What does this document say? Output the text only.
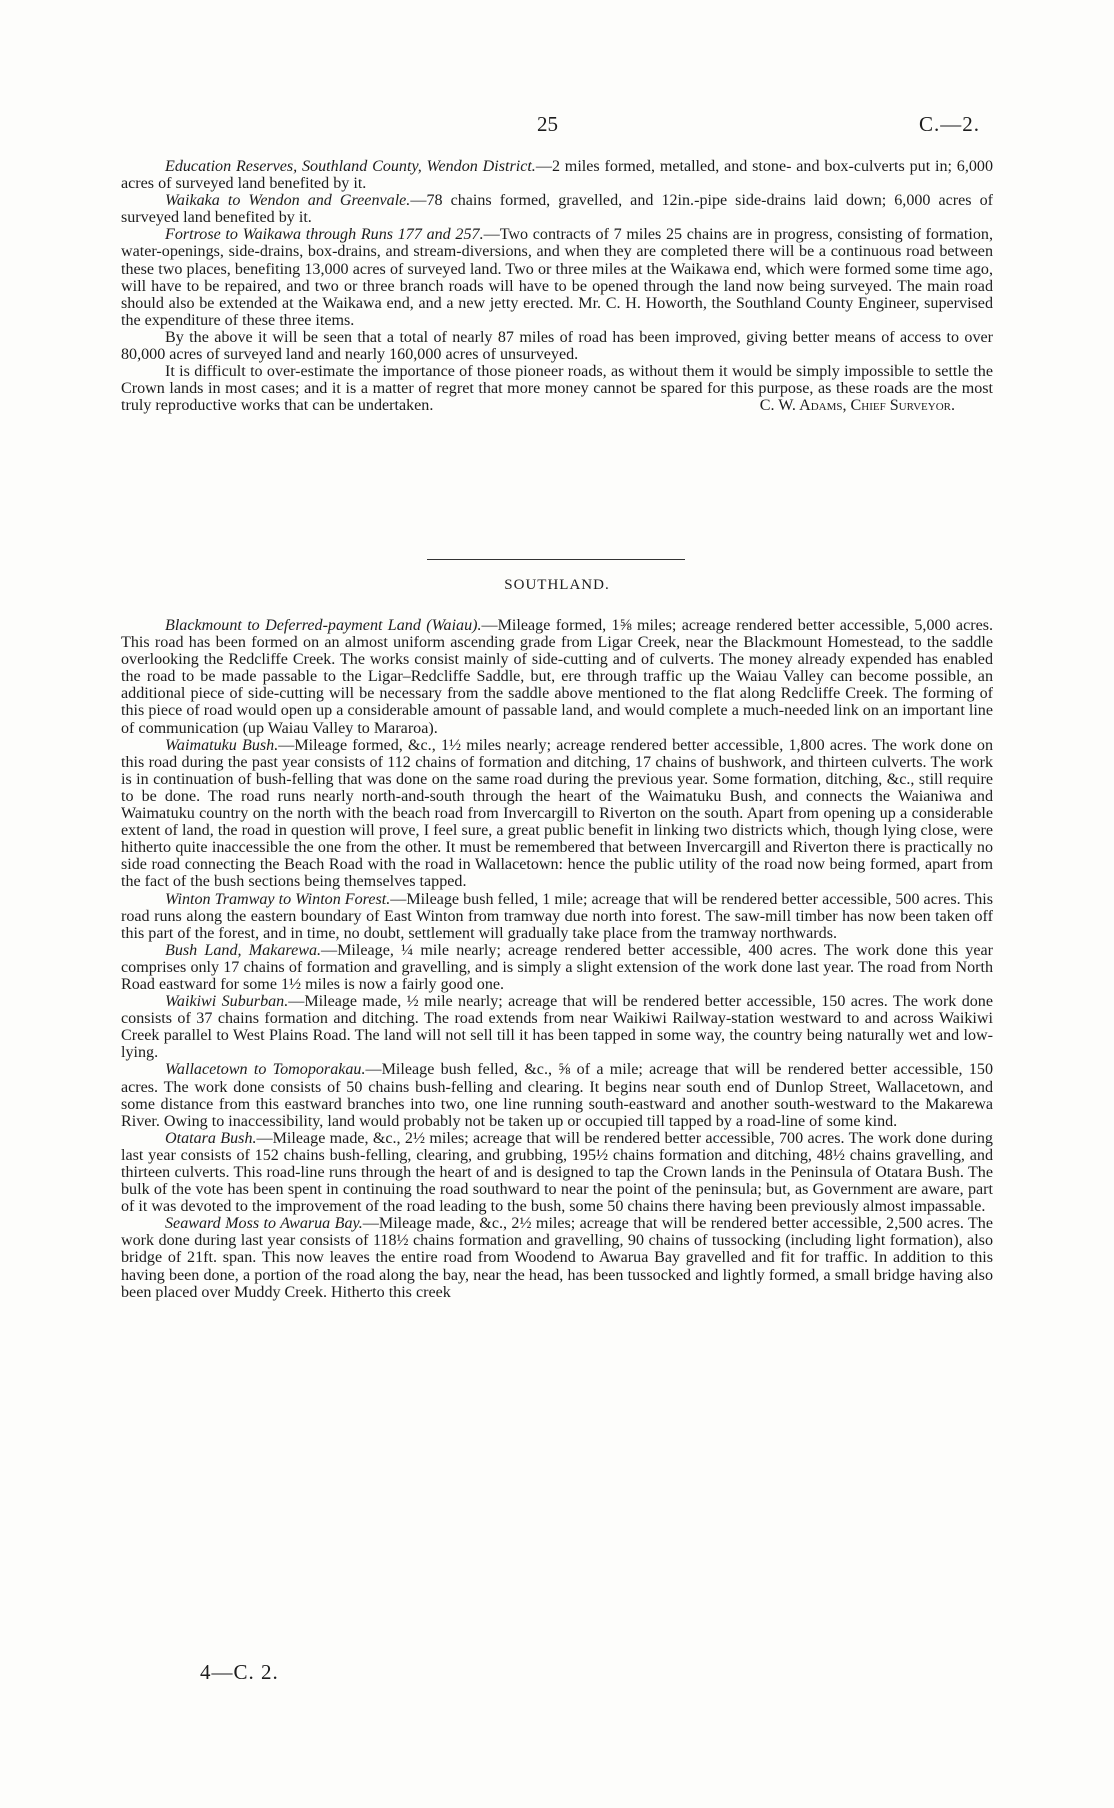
25	C.—2.

Education Reserves, Southland County, Wendon District.—2 miles formed, metalled, and stone- and box-culverts put in; 6,000 acres of surveyed land benefited by it.

Waikaka to Wendon and Greenvale.—78 chains formed, gravelled, and 12in.-pipe side-drains laid down; 6,000 acres of surveyed land benefited by it.

Fortrose to Waikawa through Runs 177 and 257.—Two contracts of 7 miles 25 chains are in progress, consisting of formation, water-openings, side-drains, box-drains, and stream-diversions, and when they are completed there will be a continuous road between these two places, benefiting 13,000 acres of surveyed land. Two or three miles at the Waikawa end, which were formed some time ago, will have to be repaired, and two or three branch roads will have to be opened through the land now being surveyed. The main road should also be extended at the Waikawa end, and a new jetty erected. Mr. C. H. Howorth, the Southland County Engineer, supervised the expenditure of these three items.

By the above it will be seen that a total of nearly 87 miles of road has been improved, giving better means of access to over 80,000 acres of surveyed land and nearly 160,000 acres of unsurveyed.

It is difficult to over-estimate the importance of those pioneer roads, as without them it would be simply impossible to settle the Crown lands in most cases; and it is a matter of regret that more money cannot be spared for this purpose, as these roads are the most truly reproductive works that can be undertaken.	C. W. Adams, Chief Surveyor.

SOUTHLAND.

Blackmount to Deferred-payment Land (Waiau).—Mileage formed, 1⅝ miles; acreage rendered better accessible, 5,000 acres. This road has been formed on an almost uniform ascending grade from Ligar Creek, near the Blackmount Homestead, to the saddle overlooking the Redcliffe Creek. The works consist mainly of side-cutting and of culverts. The money already expended has enabled the road to be made passable to the Ligar–Redcliffe Saddle, but, ere through traffic up the Waiau Valley can become possible, an additional piece of side-cutting will be necessary from the saddle above mentioned to the flat along Redcliffe Creek. The forming of this piece of road would open up a considerable amount of passable land, and would complete a much-needed link on an important line of communication (up Waiau Valley to Mararoa).

Waimatuku Bush.—Mileage formed, &c., 1½ miles nearly; acreage rendered better accessible, 1,800 acres. The work done on this road during the past year consists of 112 chains of formation and ditching, 17 chains of bushwork, and thirteen culverts. The work is in continuation of bush-felling that was done on the same road during the previous year. Some formation, ditching, &c., still require to be done. The road runs nearly north-and-south through the heart of the Waimatuku Bush, and connects the Waianiwa and Waimatuku country on the north with the beach road from Invercargill to Riverton on the south. Apart from opening up a considerable extent of land, the road in question will prove, I feel sure, a great public benefit in linking two districts which, though lying close, were hitherto quite inaccessible the one from the other. It must be remembered that between Invercargill and Riverton there is practically no side road connecting the Beach Road with the road in Wallacetown: hence the public utility of the road now being formed, apart from the fact of the bush sections being themselves tapped.

Winton Tramway to Winton Forest.—Mileage bush felled, 1 mile; acreage that will be rendered better accessible, 500 acres. This road runs along the eastern boundary of East Winton from tramway due north into forest. The saw-mill timber has now been taken off this part of the forest, and in time, no doubt, settlement will gradually take place from the tramway northwards.

Bush Land, Makarewa.—Mileage, ¼ mile nearly; acreage rendered better accessible, 400 acres. The work done this year comprises only 17 chains of formation and gravelling, and is simply a slight extension of the work done last year. The road from North Road eastward for some 1½ miles is now a fairly good one.

Waikiwi Suburban.—Mileage made, ½ mile nearly; acreage that will be rendered better accessible, 150 acres. The work done consists of 37 chains formation and ditching. The road extends from near Waikiwi Railway-station westward to and across Waikiwi Creek parallel to West Plains Road. The land will not sell till it has been tapped in some way, the country being naturally wet and low-lying.

Wallacetown to Tomoporakau.—Mileage bush felled, &c., ⅝ of a mile; acreage that will be rendered better accessible, 150 acres. The work done consists of 50 chains bush-felling and clearing. It begins near south end of Dunlop Street, Wallacetown, and some distance from this eastward branches into two, one line running south-eastward and another south-westward to the Makarewa River. Owing to inaccessibility, land would probably not be taken up or occupied till tapped by a road-line of some kind.

Otatara Bush.—Mileage made, &c., 2½ miles; acreage that will be rendered better accessible, 700 acres. The work done during last year consists of 152 chains bush-felling, clearing, and grubbing, 195½ chains formation and ditching, 48½ chains gravelling, and thirteen culverts. This road-line runs through the heart of and is designed to tap the Crown lands in the Peninsula of Otatara Bush. The bulk of the vote has been spent in continuing the road southward to near the point of the peninsula; but, as Government are aware, part of it was devoted to the improvement of the road leading to the bush, some 50 chains there having been previously almost impassable.

Seaward Moss to Awarua Bay.—Mileage made, &c., 2½ miles; acreage that will be rendered better accessible, 2,500 acres. The work done during last year consists of 118½ chains formation and gravelling, 90 chains of tussocking (including light formation), also bridge of 21ft. span. This now leaves the entire road from Woodend to Awarua Bay gravelled and fit for traffic. In addition to this having been done, a portion of the road along the bay, near the head, has been tussocked and lightly formed, a small bridge having also been placed over Muddy Creek. Hitherto this creek

4—C. 2.
